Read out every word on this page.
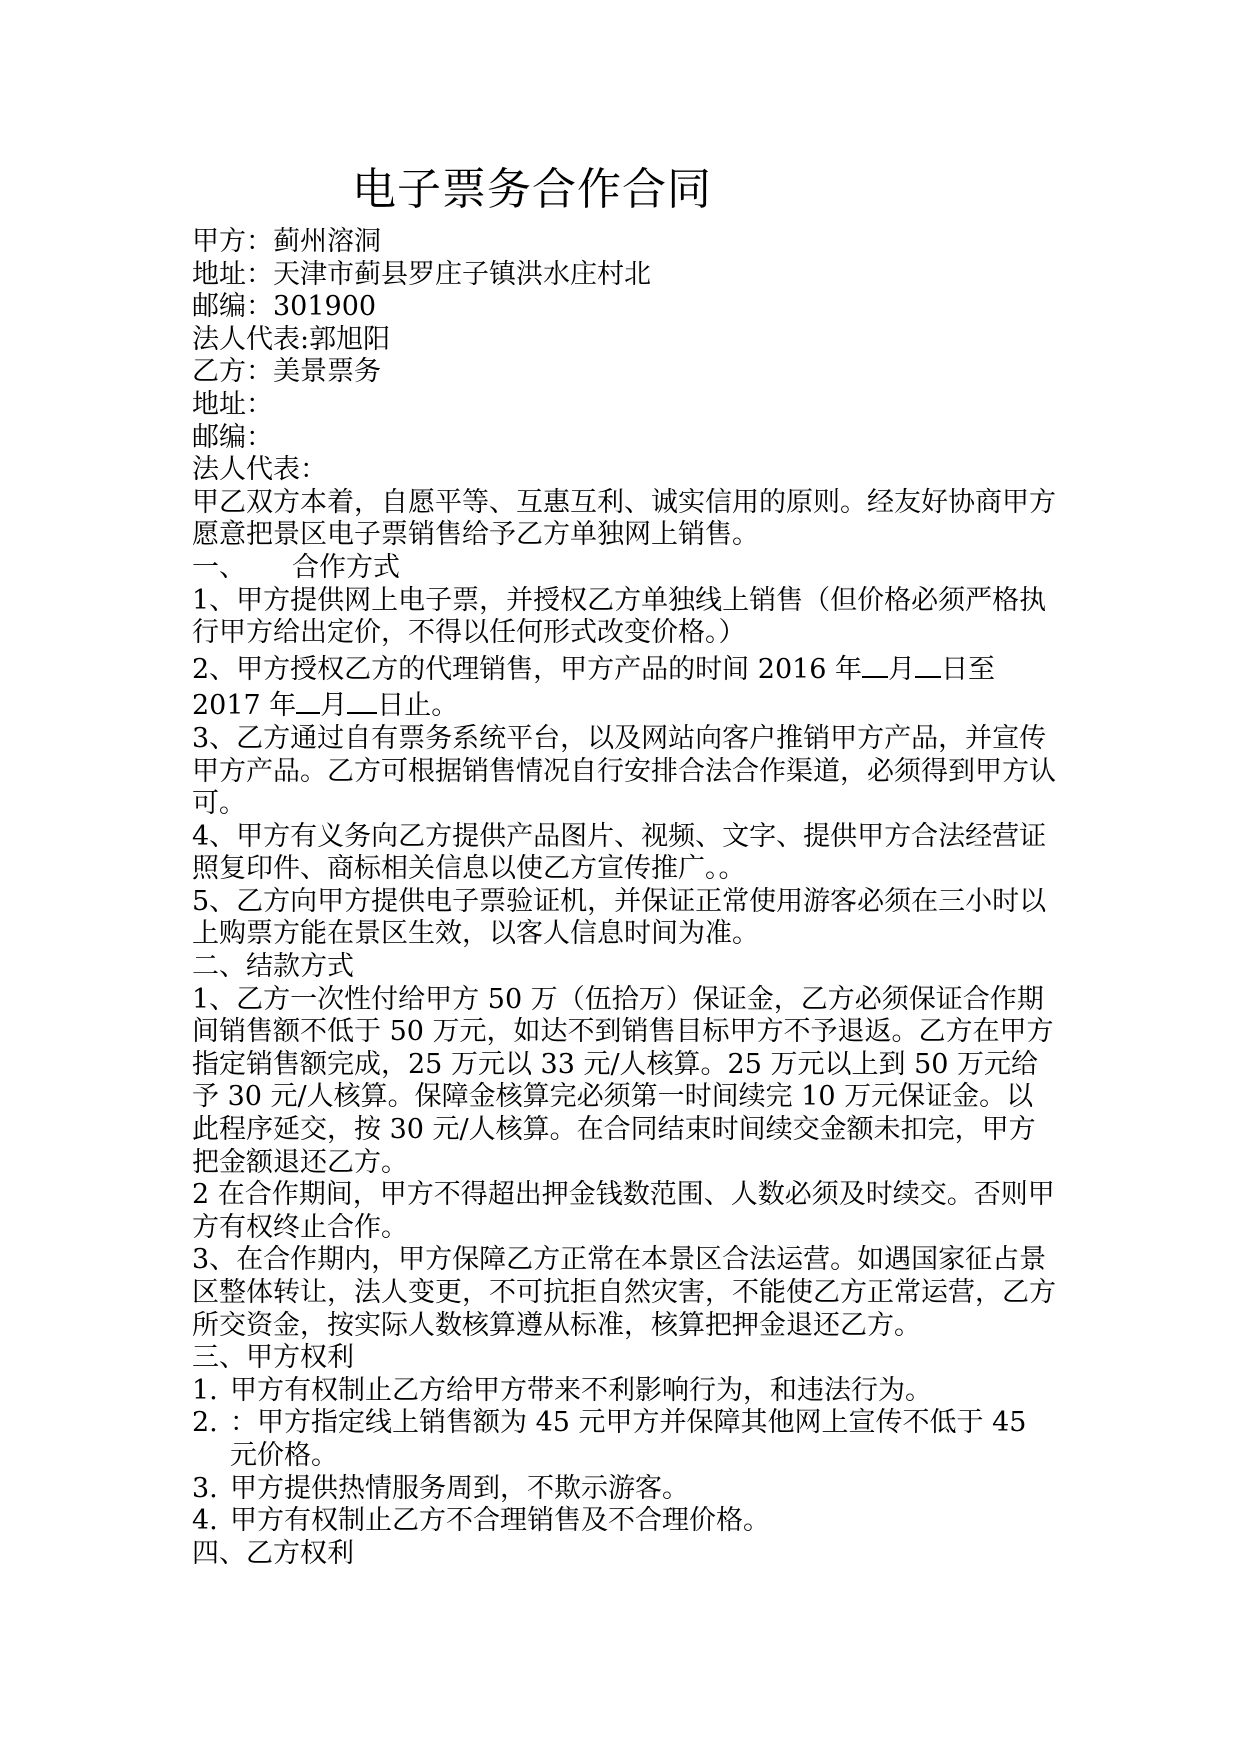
电子票务合作合同

甲方：蓟州溶洞

地址：天津市蓟县罗庄子镇洪水庄村北

邮编：301900

法人代表:郭旭阳

乙方：美景票务

地址：

邮编：

法人代表：

甲乙双方本着，自愿平等、互惠互利、诚实信用的原则。经友好协商甲方愿意把景区电子票销售给予乙方单独网上销售。

一、 合作方式

1、甲方提供网上电子票，并授权乙方单独线上销售（但价格必须严格执行甲方给出定价，不得以任何形式改变价格。）

2、甲方授权乙方的代理销售，甲方产品的时间 2016 年 月 日至 2017 年 月 日止。

3、乙方通过自有票务系统平台，以及网站向客户推销甲方产品，并宣传甲方产品。乙方可根据销售情况自行安排合法合作渠道，必须得到甲方认可。

4、甲方有义务向乙方提供产品图片、视频、文字、提供甲方合法经营证照复印件、商标相关信息以使乙方宣传推广。。

5、乙方向甲方提供电子票验证机，并保证正常使用游客必须在三小时以上购票方能在景区生效，以客人信息时间为准。

二、结款方式

1、乙方一次性付给甲方 50 万（伍拾万）保证金，乙方必须保证合作期间销售额不低于 50 万元，如达不到销售目标甲方不予退返。乙方在甲方指定销售额完成，25 万元以 33 元/人核算。25 万元以上到 50 万元给予 30 元/人核算。保障金核算完必须第一时间续完 10 万元保证金。以此程序延交，按 30 元/人核算。在合同结束时间续交金额未扣完，甲方把金额退还乙方。

2 在合作期间，甲方不得超出押金钱数范围、人数必须及时续交。否则甲方有权终止合作。

3、在合作期内，甲方保障乙方正常在本景区合法运营。如遇国家征占景区整体转让，法人变更，不可抗拒自然灾害，不能使乙方正常运营，乙方所交资金，按实际人数核算遵从标准，核算把押金退还乙方。

三、甲方权利

1. 甲方有权制止乙方给甲方带来不利影响行为，和违法行为。
2. ：甲方指定线上销售额为 45 元甲方并保障其他网上宣传不低于 45 元价格。
3. 甲方提供热情服务周到，不欺示游客。
4. 甲方有权制止乙方不合理销售及不合理价格。

四、乙方权利
